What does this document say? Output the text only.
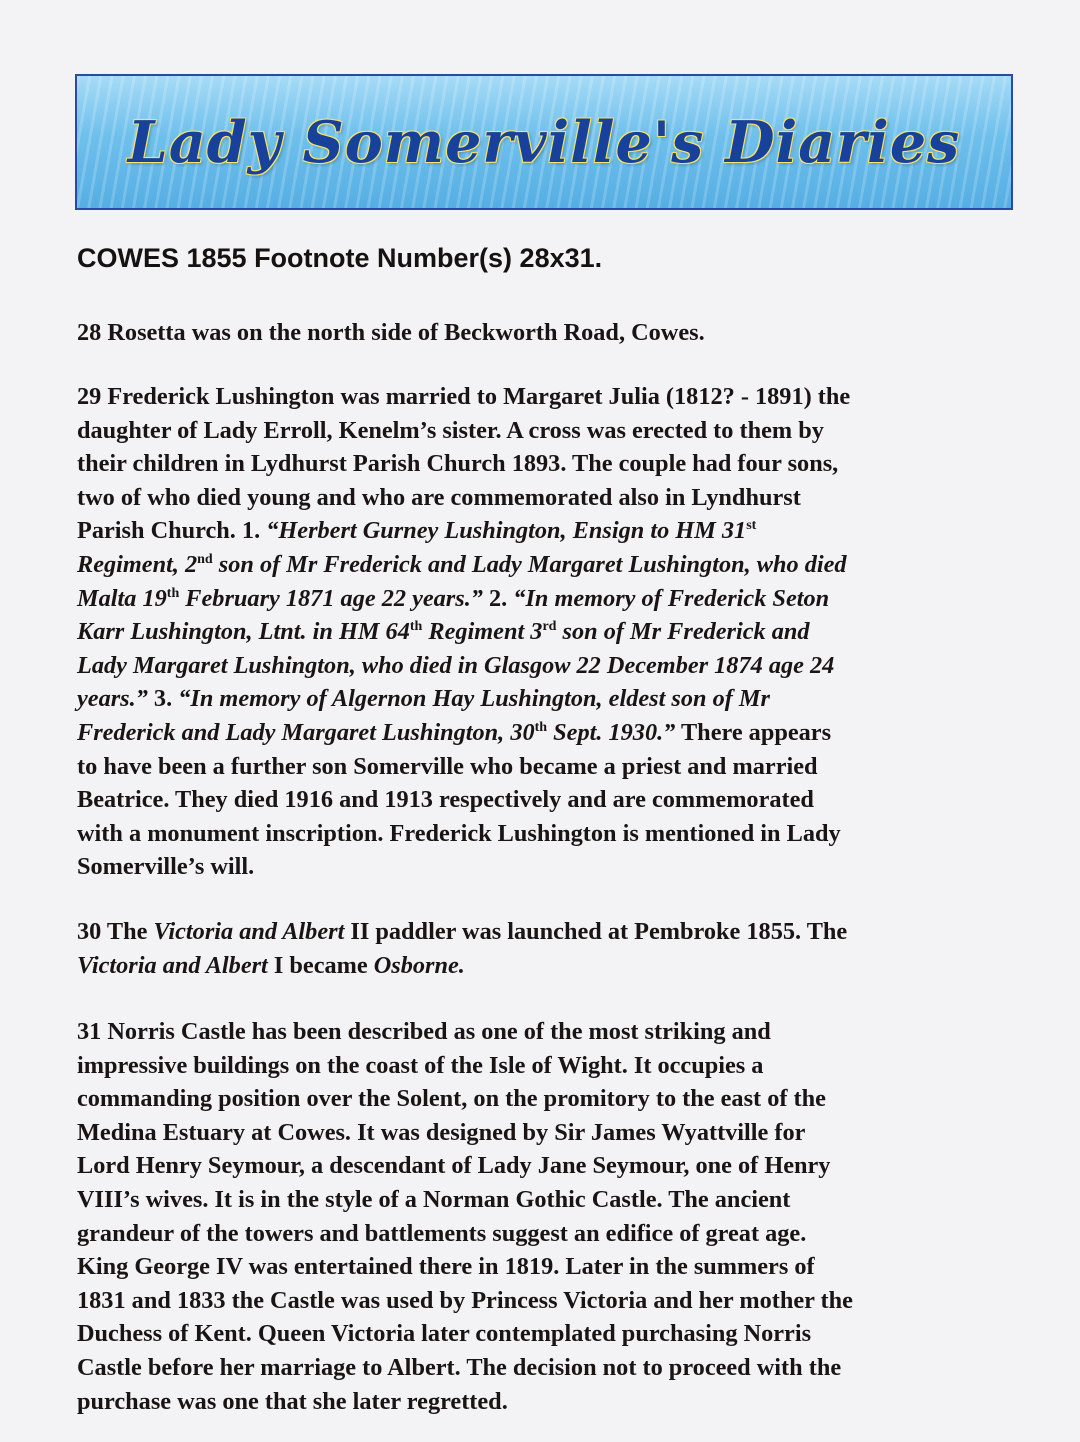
Lady Somerville's Diaries
COWES 1855 Footnote Number(s) 28x31.

28 Rosetta was on the north side of Beckworth Road, Cowes.

29 Frederick Lushington was married to Margaret Julia (1812? - 1891) the
daughter of Lady Erroll, Kenelm’s sister. A cross was erected to them by
their children in Lydhurst Parish Church 1893. The couple had four sons,
two of who died young and who are commemorated also in Lyndhurst
Parish Church. 1. “Herbert Gurney Lushington, Ensign to HM 31st
Regiment, 2nd son of Mr Frederick and Lady Margaret Lushington, who died
Malta 19th February 1871 age 22 years.” 2. “In memory of Frederick Seton
Karr Lushington, Ltnt. in HM 64th Regiment 3rd son of Mr Frederick and
Lady Margaret Lushington, who died in Glasgow 22 December 1874 age 24
years.” 3. “In memory of Algernon Hay Lushington, eldest son of Mr
Frederick and Lady Margaret Lushington, 30th Sept. 1930.” There appears
to have been a further son Somerville who became a priest and married
Beatrice. They died 1916 and 1913 respectively and are commemorated
with a monument inscription. Frederick Lushington is mentioned in Lady
Somerville’s will.

30 The Victoria and Albert II paddler was launched at Pembroke 1855. The
Victoria and Albert I became Osborne.

31 Norris Castle has been described as one of the most striking and
impressive buildings on the coast of the Isle of Wight. It occupies a
commanding position over the Solent, on the promitory to the east of the
Medina Estuary at Cowes. It was designed by Sir James Wyattville for
Lord Henry Seymour, a descendant of Lady Jane Seymour, one of Henry
VIII’s wives. It is in the style of a Norman Gothic Castle. The ancient
grandeur of the towers and battlements suggest an edifice of great age.
King George IV was entertained there in 1819. Later in the summers of
1831 and 1833 the Castle was used by Princess Victoria and her mother the
Duchess of Kent. Queen Victoria later contemplated purchasing Norris
Castle before her marriage to Albert. The decision not to proceed with the
purchase was one that she later regretted.
